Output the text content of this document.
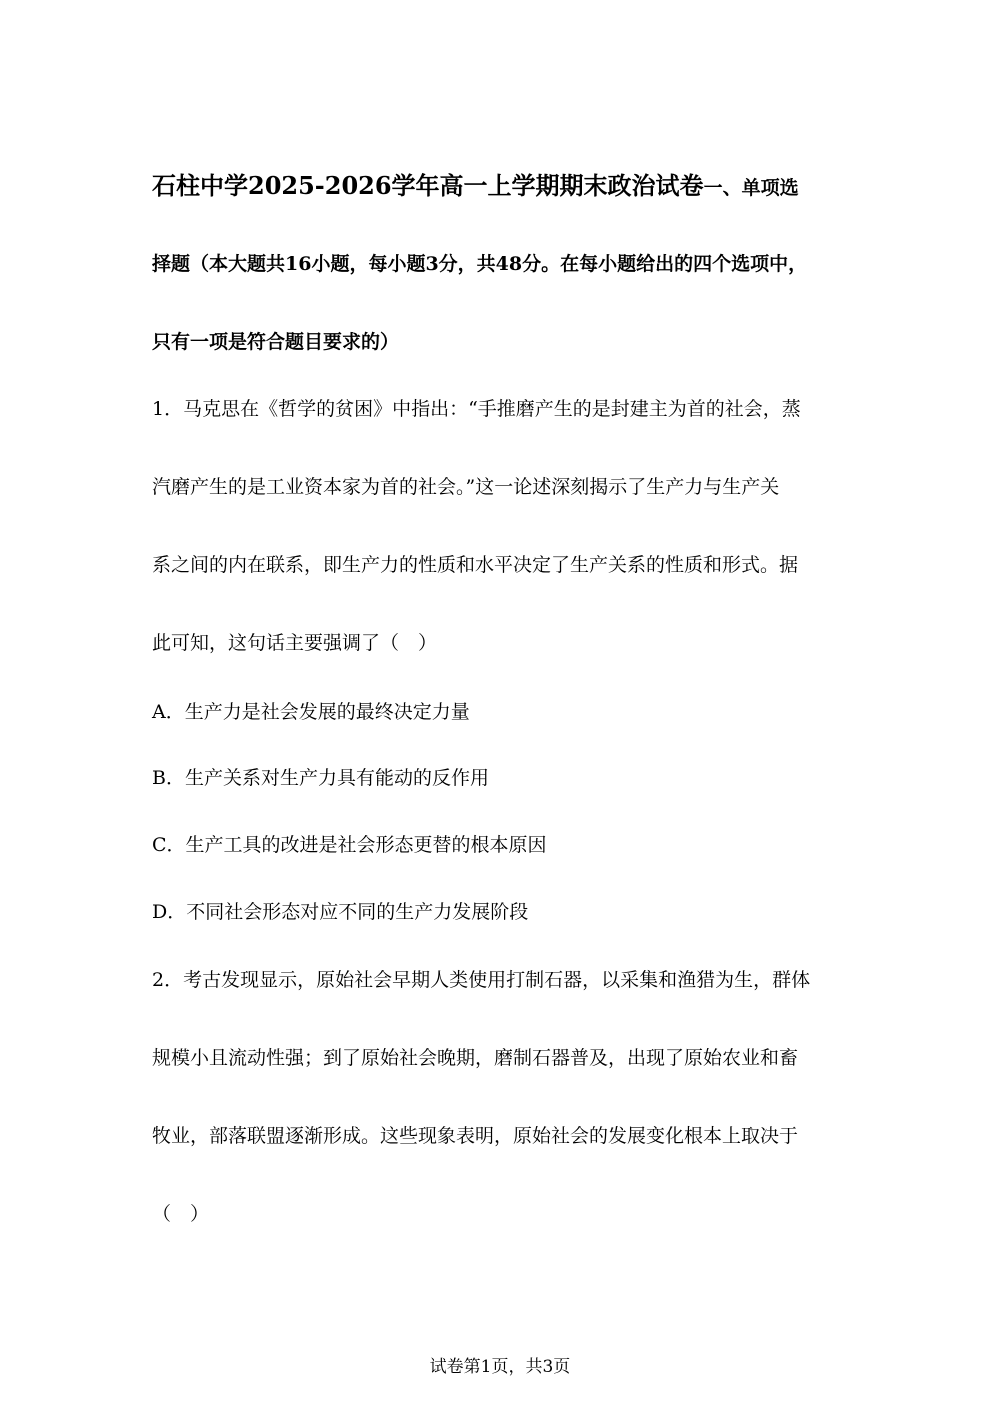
石柱中学2025-2026学年高一上学期期末政治试卷一、单项选
择题（本大题共16小题，每小题3分，共48分。在每小题给出的四个选项中，
只有一项是符合题目要求的）
1．马克思在《哲学的贫困》中指出：“手推磨产生的是封建主为首的社会，蒸
汽磨产生的是工业资本家为首的社会。”这一论述深刻揭示了生产力与生产关
系之间的内在联系，即生产力的性质和水平决定了生产关系的性质和形式。据
此可知，这句话主要强调了（　）
A．生产力是社会发展的最终决定力量
B．生产关系对生产力具有能动的反作用
C．生产工具的改进是社会形态更替的根本原因
D．不同社会形态对应不同的生产力发展阶段
2．考古发现显示，原始社会早期人类使用打制石器，以采集和渔猎为生，群体
规模小且流动性强；到了原始社会晚期，磨制石器普及，出现了原始农业和畜
牧业，部落联盟逐渐形成。这些现象表明，原始社会的发展变化根本上取决于
（　）
试卷第1页，共3页
